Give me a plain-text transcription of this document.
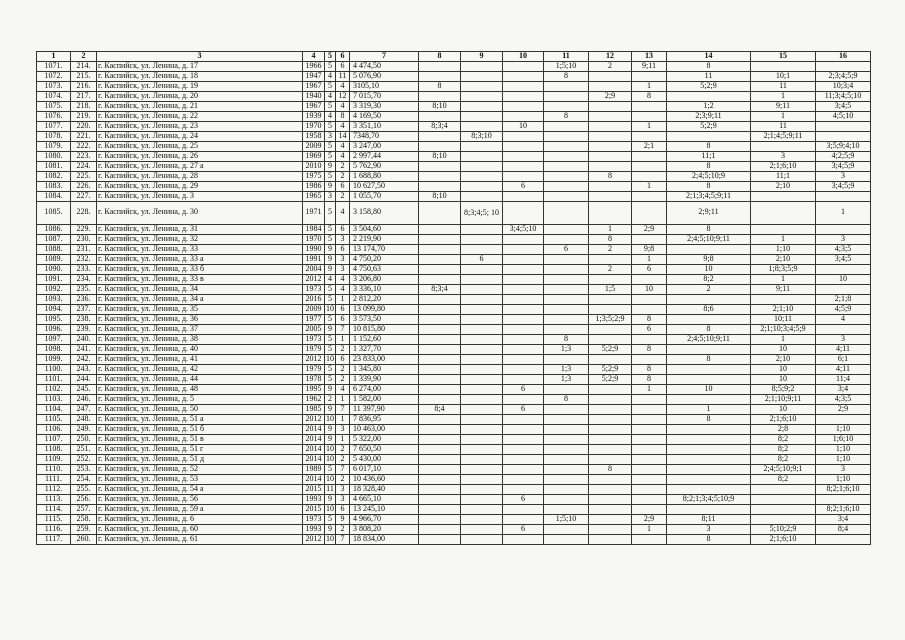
1	2	3	4	5	6	7	8	9	10	11	12	13	14	15	16
1071.	214.	г. Каспийск, ул. Ленина, д. 17	1966	5	6	4 474,50				1;5;10	2	9;11	8		
1072.	215.	г. Каспийск, ул. Ленина, д. 18	1947	4	11	5 076,90				8			11	10;1	2;3;4;5;9
1073.	216.	г. Каспийск, ул. Ленина, д. 19	1967	5	4	3105,10	8					1	5;2;9	11	10;3;4
1074.	217.	г. Каспийск, ул. Ленина, д. 20	1940	4	12	7 015,70					2;9	8		1	11;3;4;5;10
1075.	218.	г. Каспийск, ул. Ленина, д. 21	1967	5	4	3 319,30	8;10						1;2	9;11	3;4;5
1076.	219.	г. Каспийск, ул. Ленина, д. 22	1939	4	8	4 169,50				8			2;3;9;11	1	4;5;10
1077.	220.	г. Каспийск, ул. Ленина, д. 23	1970	5	4	3 351,10	8;3;4		10			1	5;2;9	11	
1078.	221.	г. Каспийск, ул. Ленина, д. 24	1958	3	14	7348,70		8;3;10						2;1;4;5;9;11	
1079.	222.	г. Каспийск, ул. Ленина, д. 25	2009	5	4	3 247,00						2;1	8		3;5;9;4;10
1080.	223.	г. Каспийск, ул. Ленина, д. 26	1969	5	4	2 997,44	8;10						11;1	3	4;2;5;9
1081.	224.	г. Каспийск, ул. Ленина, д. 27 а	2010	9	2	5 762,90							8	2;1;6;10	3;4;5;9
1082.	225.	г. Каспийск, ул. Ленина, д. 28	1975	5	2	1 688,80					8		2;4;5;10;9	11;1	3
1083.	226.	г. Каспийск, ул. Ленина, д. 29	1986	9	6	10 627,50			6			1	8	2;10	3;4;5;9
1084.	227.	г. Каспийск, ул. Ленина, д. 3	1965	3	2	1 055,70	8;10						2;1;3;4;5;9;11		
1085.	228.	г. Каспийск, ул. Ленина, д. 30	1971	5	4	3 158,80		8;3;4;5; 10					2;9;11		1
1086.	229.	г. Каспийск, ул. Ленина, д. 31	1984	5	6	3 504,60			3;4;5;10		1	2;9	8		
1087.	230.	г. Каспийск, ул. Ленина, д. 32	1970	5	3	2 219,90					8		2;4;5;10;9;11	1	3
1088.	231.	г. Каспийск, ул. Ленина, д. 33	1990	9	6	13 174,70				6	2	9;8		1;10	4;3;5
1089.	232.	г. Каспийск, ул. Ленина, д. 33 а	1991	9	3	4 750,20		6				1	9;8	2;10	3;4;5
1090.	233.	г. Каспийск, ул. Ленина, д. 33 б	2004	9	3	4 750,63					2	6	10	1;8;3;5;9	
1091.	234.	г. Каспийск, ул. Ленина, д. 33 в	2012	4	4	3 206,80							8;2	1	10
1092.	235.	г. Каспийск, ул. Ленина, д. 34	1973	5	4	3 336,10	8;3;4				1;5	10	2	9;11	
1093.	236.	г. Каспийск, ул. Ленина, д. 34 а	2016	5	1	2 812,20									2;1;8
1094.	237.	г. Каспийск, ул. Ленина, д. 35	2009	10	6	13 099,80							8;6	2;1;10	4;5;9
1095.	238.	г. Каспийск, ул. Ленина, д. 36	1977	5	6	3 573,50					1;3;5;2;9	8		10;11	4
1096.	239.	г. Каспийск, ул. Ленина, д. 37	2005	9	7	10 815,80						6	8	2;1;10;3;4;5;9	
1097.	240.	г. Каспийск, ул. Ленина, д. 38	1973	5	1	1 152,60				8			2;4;5;10;9;11	1	3
1098.	241.	г. Каспийск, ул. Ленина, д. 40	1979	5	2	1 327,70				1;3	5;2;9	8		10	4;11
1099.	242.	г. Каспийск, ул. Ленина, д. 41	2012	10	6	23 833,00							8	2;10	6;1
1100.	243.	г. Каспийск, ул. Ленина, д. 42	1979	5	2	1 345,80				1;3	5;2;9	8		10	4;11
1101.	244.	г. Каспийск, ул. Ленина, д. 44	1978	5	2	1 339,90				1;3	5;2;9	8		10	11;4
1102.	245.	г. Каспийск, ул. Ленина, д. 48	1995	9	4	6 274,00			6			1	10	8;5;9;2	3;4
1103.	246.	г. Каспийск, ул. Ленина, д. 5	1962	2	1	1 582,00				8				2;1;10;9;11	4;3;5
1104.	247.	г. Каспийск, ул. Ленина, д. 50	1985	9	7	11 397,90	8;4		6				1	10	2;9
1105.	248.	г. Каспийск, ул. Ленина, д. 51 а	2012	10	1	7 836,95							8	2;1;6;10	
1106.	249.	г. Каспийск, ул. Ленина, д. 51 б	2014	9	3	10 463,00								2;8	1;10
1107.	250.	г. Каспийск, ул. Ленина, д. 51 в	2014	9	1	5 322,00								8;2	1;6;10
1108.	251.	г. Каспийск, ул. Ленина, д. 51 г	2014	10	2	7 650,50								8;2	1;10
1109.	252.	г. Каспийск, ул. Ленина, д. 51 д	2014	10	2	5 430,00								8;2	1;10
1110.	253.	г. Каспийск, ул. Ленина, д. 52	1989	5	7	6 017,10					8			2;4;5;10;9;1	3
1111.	254.	г. Каспийск, ул. Ленина, д. 53	2014	10	2	10 436,60								8;2	1;10
1112.	255.	г. Каспийск, ул. Ленина, д. 54 а	2015	11	3	18 328,40									8;2;1;6;10
1113.	256.	г. Каспийск, ул. Ленина, д. 56	1993	9	3	4 665,10			6				8;2;1;3;4;5;10;9		
1114.	257.	г. Каспийск, ул. Ленина, д. 59 а	2015	10	6	13 245,10									8;2;1;6;10
1115.	258.	г. Каспийск, ул. Ленина, д. 6	1973	5	9	4 966,70				1;5;10		2;9	8;11		3;4
1116.	259.	г. Каспийск, ул. Ленина, д. 60	1993	9	2	3 808,20			6			1	3	5;10;2;9	8;4
1117.	260.	г. Каспийск, ул. Ленина, д. 61	2012	10	7	18 834,00							8	2;1;6;10	
